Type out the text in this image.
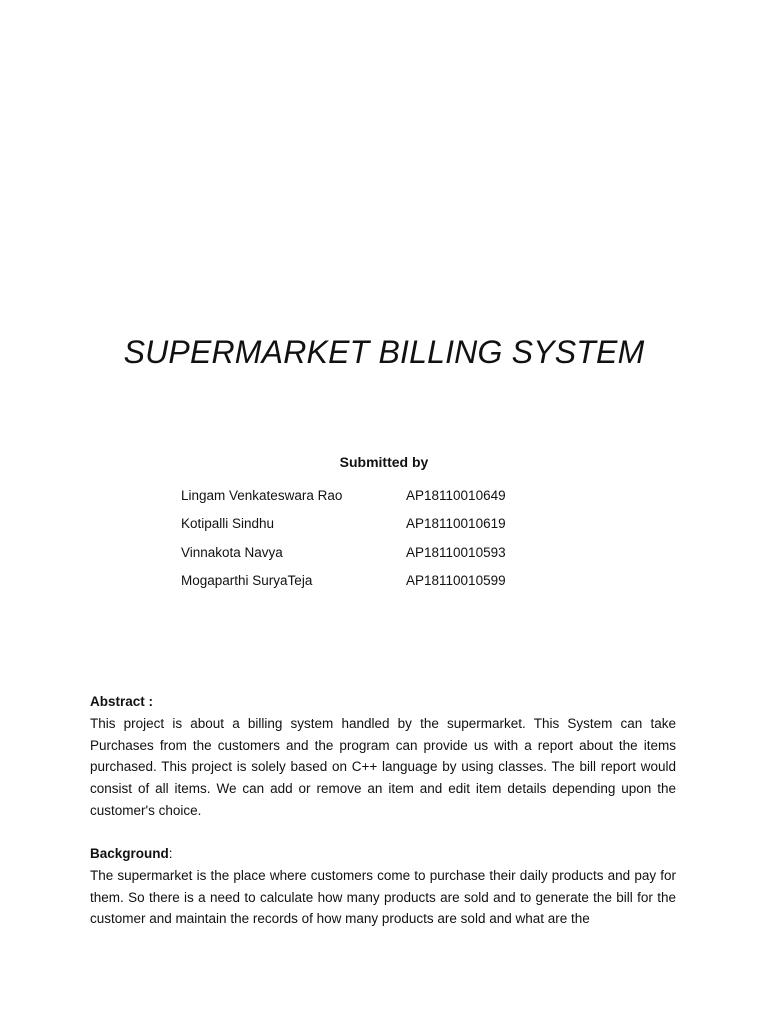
SUPERMARKET BILLING SYSTEM

Submitted by

Lingam Venkateswara Rao	AP18110010649
Kotipalli Sindhu	AP18110010619
Vinnakota Navya	AP18110010593
Mogaparthi SuryaTeja	AP18110010599

Abstract :

This project is about a billing system handled by the supermarket. This System can take Purchases from the customers and the program can provide us with a report about the items purchased. This project is solely based on C++ language by using classes. The bill report would consist of all items. We can add or remove an item and edit item details depending upon the customer's choice.

Background:

The supermarket is the place where customers come to purchase their daily products and pay for them. So there is a need to calculate how many products are sold and to generate the bill for the customer and maintain the records of how many products are sold and what are the
